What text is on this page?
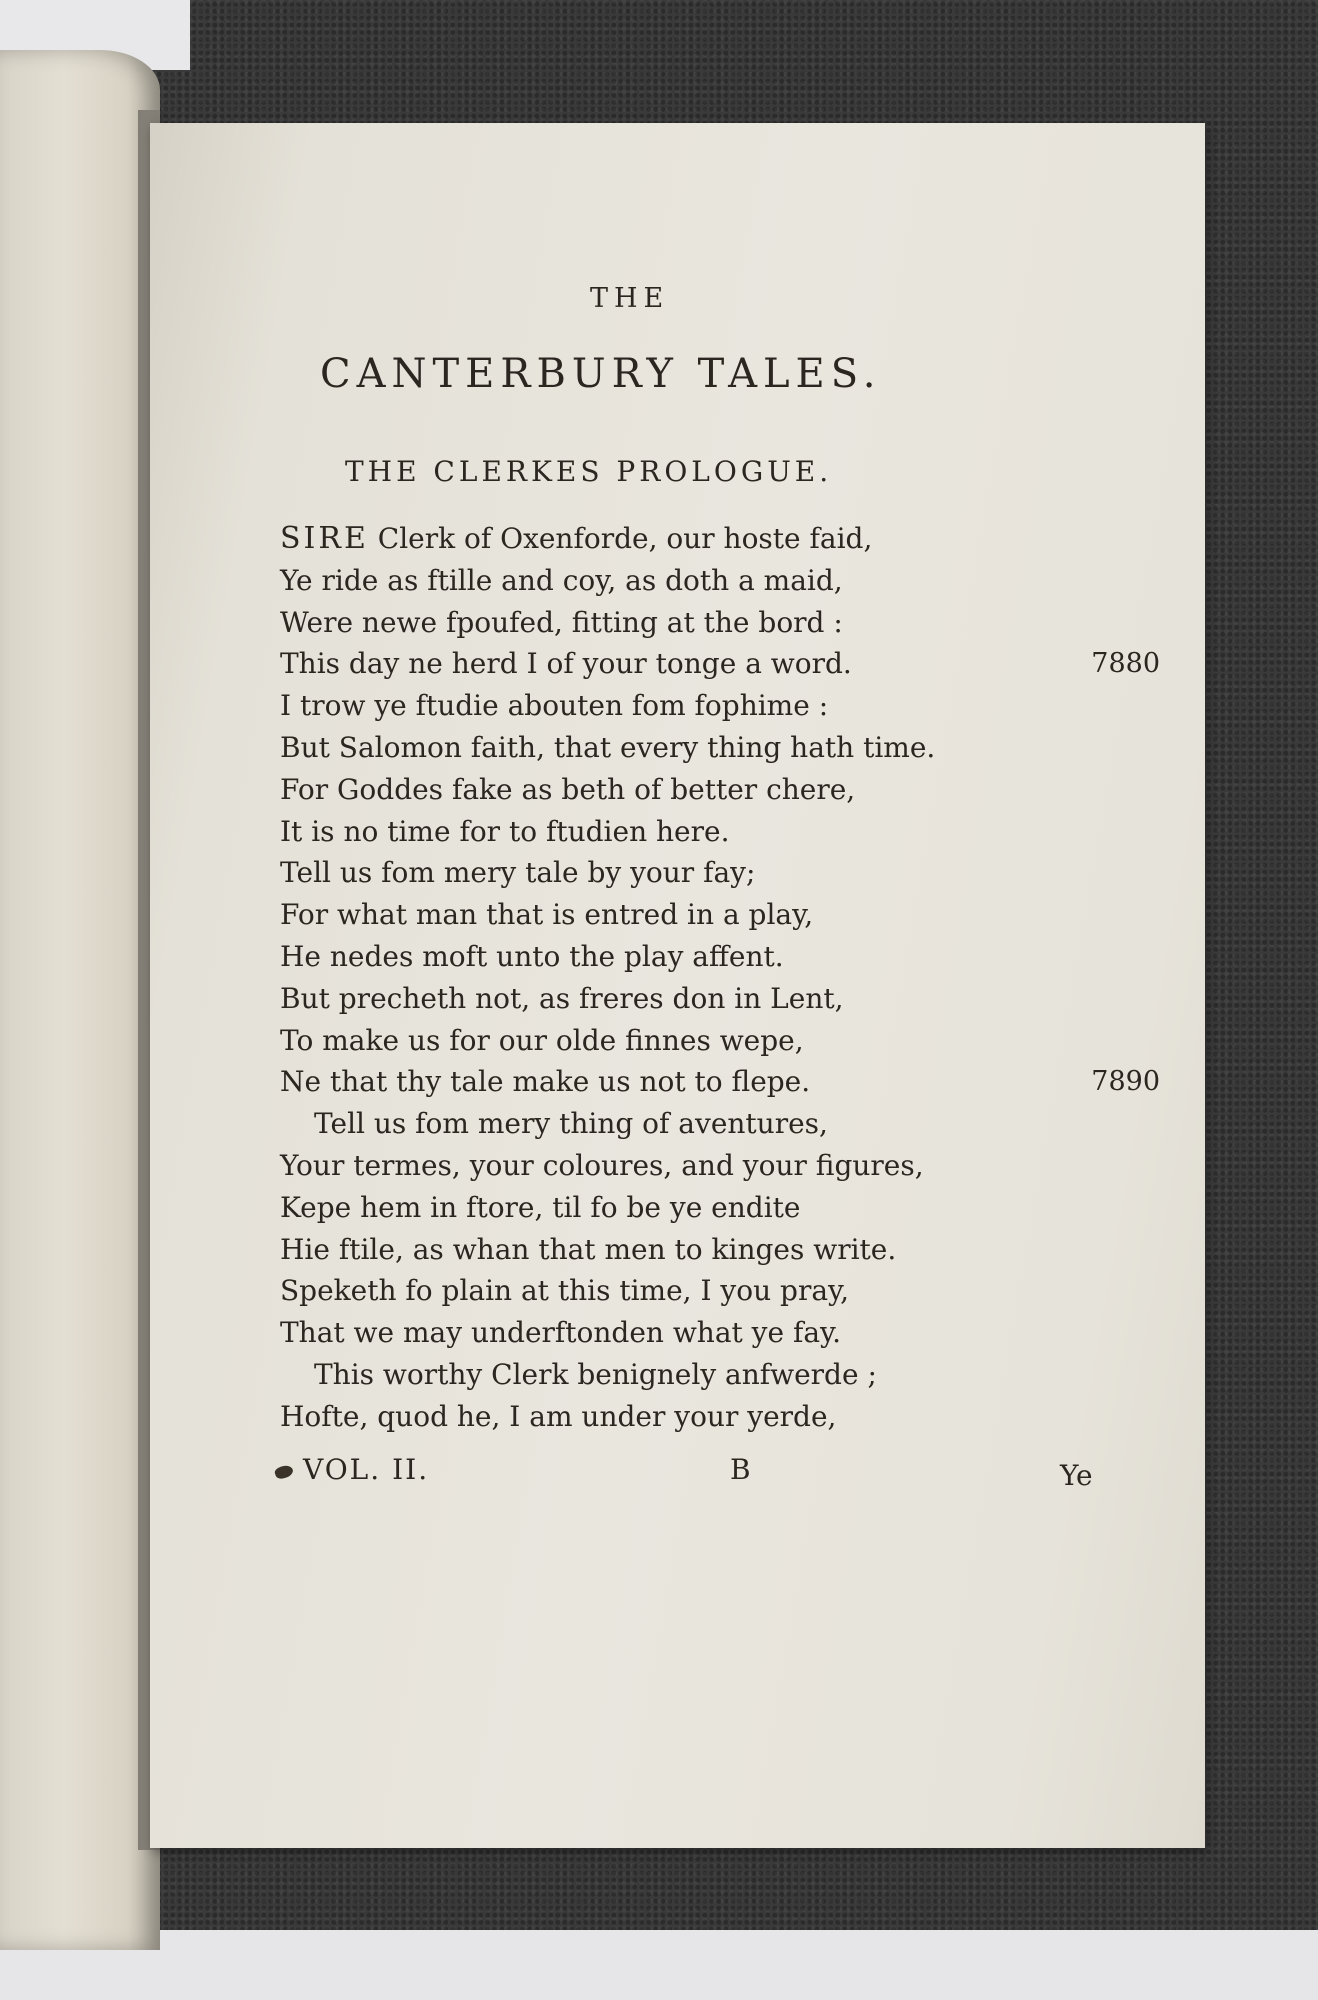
THE
CANTERBURY TALES.
THE CLERKES PROLOGUE.
SIRE Clerk of Oxenforde, our hoste faid,
Ye ride as ftille and coy, as doth a maid,
Were newe fpoufed, fitting at the bord :
This day ne herd I of your tonge a word.	7880
I trow ye ftudie abouten fom fophime :
But Salomon faith, that every thing hath time.
For Goddes fake as beth of better chere,
It is no time for to ftudien here.
Tell us fom mery tale by your fay;
For what man that is entred in a play,
He nedes moft unto the play affent.
But precheth not, as freres don in Lent,
To make us for our olde finnes wepe,
Ne that thy tale make us not to flepe.	7890
Tell us fom mery thing of aventures,
Your termes, your coloures, and your figures,
Kepe hem in ftore, til fo be ye endite
Hie ftile, as whan that men to kinges write.
Speketh fo plain at this time, I you pray,
That we may underftonden what ye fay.
This worthy Clerk benignely anfwerde ;
Hofte, quod he, I am under your yerde,
VOL. II.	B	Ye
